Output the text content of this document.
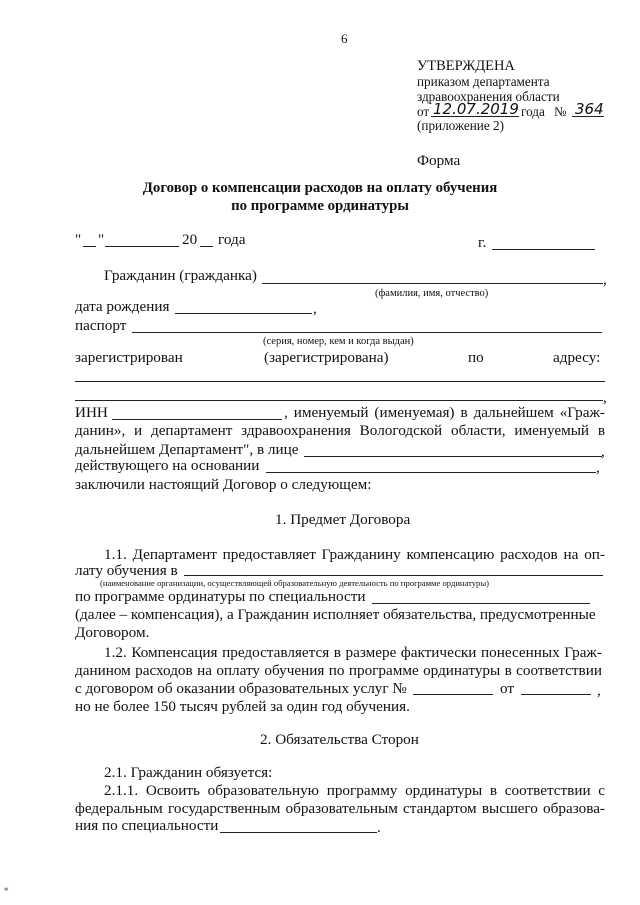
6
УТВЕРЖДЕНА
приказом департамента
здравоохранения области
от 12.07.2019 года № 364
(приложение 2)
Форма
Договор о компенсации расходов на оплату обучения
по программе ординатуры
" "	20 года	г.
Гражданин (гражданка)	,
(фамилия, имя, отчество)
дата рождения	,
паспорт
(серия, номер, кем и когда выдан)
зарегистрирован	(зарегистрирована)	по	адресу:
,
ИНН	, именуемый (именуемая) в дальнейшем «Граж-
данин», и департамент здравоохранения Вологодской области, именуемый в
дальнейшем Департамент", в лице	,
действующего на основании	,
заключили настоящий Договор о следующем:
1. Предмет Договора
1.1. Департамент предоставляет Гражданину компенсацию расходов на оп-
лату обучения в
(наименование организации, осуществляющей образовательную деятельность по программе ординатуры)
по программе ординатуры по специальности
(далее – компенсация), а Гражданин исполняет обязательства, предусмотренные
Договором.
1.2. Компенсация предоставляется в размере фактически понесенных Граж-
данином расходов на оплату обучения по программе ординатуры в соответствии
с договором об оказании образовательных услуг №	от	,
но не более 150 тысяч рублей за один год обучения.
2. Обязательства Сторон
2.1. Гражданин обязуется:
2.1.1. Освоить образовательную программу ординатуры в соответствии с
федеральным государственным образовательным стандартом высшего образова-
ния по специальности	.
∗
